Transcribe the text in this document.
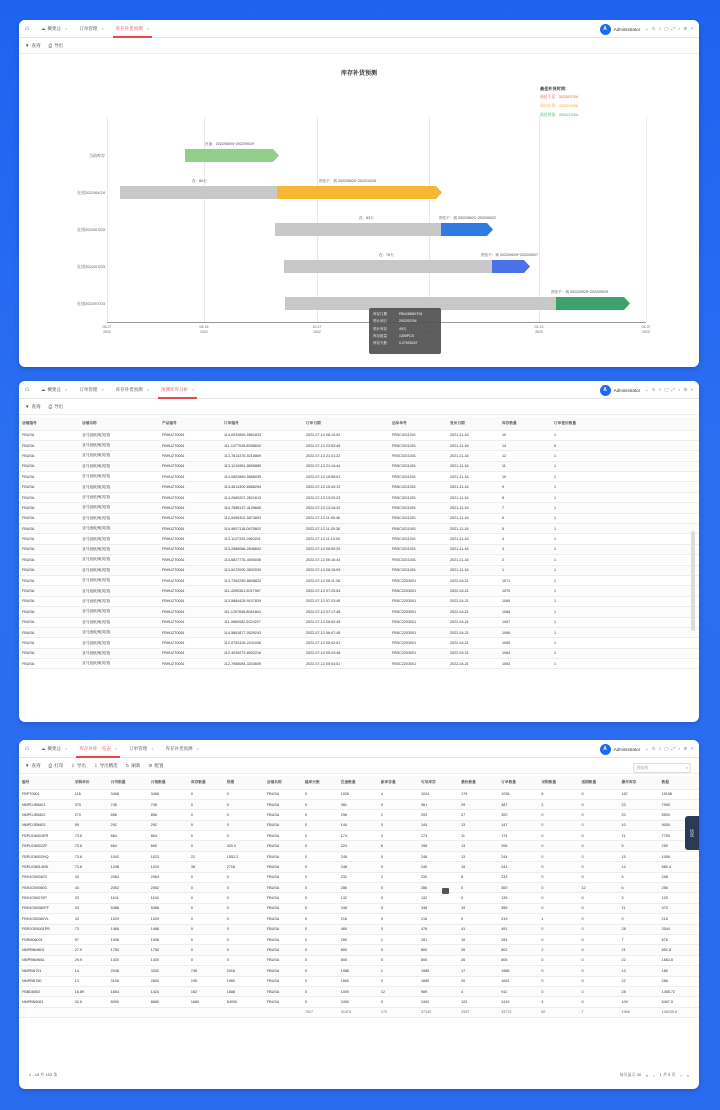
⌂	☁ 概要总 ×	订单管理 ×	库存补货预测 ×	A	Administrator ⌄ ↻ ⌕ ▢ ⤢ ♪ ⚙ ×
▼ 查询 ⎙ 导出
库存补货预测
最佳补货时间:
预估不足：2022/07/24
预估补货：2022/10/08
预估到货：2022/12/04
05-27
2022
08-16
2022
10-17
2022
02-13
2023
04-07
2023
当前库存
在途2022/04/24
在途2022/07/03
在途2022/07/03
在途2022/07/03
在途：2022/06/04~2022/09/29
在：60天	预估不：到 2022/06/29~2022/10/26
在：63天	预估不：到 2022/06/21~2022/09/22
在：76天	预估不：到 2022/09/29~2022/09/27
预估不：到 2022/09/29~2022/09/29
库存日期	FBU18N50T04
预计到日	2022/07/04
预计库存	49天
库存数量	1300PCS
库存天数	0.27000247
⌂	☁ 概要总 ×	订单管理 ×	库存补货预测 ×	预测库库分析 ×	A	Administrator ⌄ ↻ ⌕ ▢ ⤢ ♪ ⚙ ×
▼ 查询 ⎙ 导出
店铺编号	店铺名称	产品编号	订单编号	订单日期	运单单号	发出日期	库存数量	订单使用数量
FBUSA	亚马逊欧洲(英国)	FBHU2T0061	114-0530865-5581833	2022-07-14 08:10:02	FBSC0211001	2021-11-16	10	1
FBUSA	亚马逊欧洲(英国)	FBHU2T0061	111-1377028-8938830	2022-07-13 23:53:49	FBSC0211001	2021-11-16	14	0
FBUSA	亚马逊欧洲(英国)	FBHU2T0061	113-7814375-5218869	2022-07-13 21:31:22	FBSC0211001	2021-11-16	12	1
FBUSA	亚马逊欧洲(英国)	FBHU2T0061	113-1210981-8655889	2022-07-13 21:14:44	FBSC0211001	2021-11-16	11	1
FBUSA	亚马逊欧洲(英国)	FBHU2T0061	114-0802869-5858039	2022-07-13 15:58:01	FBSC0211001	2021-11-16	10	1
FBUSA	亚马逊欧洲(英国)	FBHU2T0061	113-4814300-6688254	2022-07-13 15:43:12	FBSC0211001	2021-11-16	9	1
FBUSA	亚马逊欧洲(英国)	FBHU2T0061	114-2680207-2621613	2022-07-13 13:20:23	FBSC0211001	2021-11-16	8	1
FBUSA	亚马逊欧洲(英国)	FBHU2T0061	114-7588137-4139660	2022-07-13 13:16:42	FBSC0211001	2021-11-16	7	1
FBUSA	亚马逊欧洲(英国)	FBHU2T0061	112-9496302-5873803	2022-07-13 11:55:46	FBSC0211001	2021-11-16	6	1
FBUSA	亚马逊欧洲(英国)	FBHU2T0061	114-9807118-0675803	2022-07-13 11:20:36	FBSC0211001	2021-11-16	5	1
FBUSA	亚马逊欧洲(英国)	FBHU2T0061	113-1137330-2660201	2022-07-13 11:13:03	FBSC0211001	2021-11-16	4	1
FBUSA	亚马逊欧洲(英国)	FBHU2T0061	113-2886086-2646602	2022-07-13 06:50:29	FBSC0211001	2021-11-16	3	1
FBUSA	亚马逊欧洲(英国)	FBHU2T0061	113-6827776-4005036	2022-07-13 06:16:44	FBSC0211001	2021-11-16	2	1
FBUSA	亚马逊欧洲(英国)	FBHU2T0061	113-5472090-3832030	2022-07-13 06:15:09	FBSC0211001	2021-11-16	1	1
FBUSA	亚马逊欧洲(英国)	FBHU2T0061	113-7362285-8608823	2022-07-13 06:11:38	FBSC2203001	2022-04-21	1071	1
FBUSA	亚马逊欧洲(英国)	FBHU2T0061	111-4390361-5017967	2022-07-13 07:25:54	FBSC2203001	2022-04-21	1070	1
FBUSA	亚马逊欧洲(英国)	FBHU2T0061	113-5884428-9107839	2022-07-13 07:23:48	FBSC2203001	2022-04-21	1069	1
FBUSA	亚马逊欧洲(英国)	FBHU2T0061	111-1257846-8041804	2022-07-13 07:17:48	FBSC2203001	2022-04-21	1068	1
FBUSA	亚马逊欧洲(英国)	FBHU2T0061	111-9880082-5024227	2022-07-13 06:52:48	FBSC2203001	2022-04-21	1067	1
FBUSA	亚马逊欧洲(英国)	FBHU2T0061	114-5861877-0029243	2022-07-13 06:47:48	FBSC2203001	2022-04-21	1066	1
FBUSA	亚马逊欧洲(英国)	FBHU2T0061	112-0752428-2241036	2022-07-13 05:42:01	FBSC2203001	2022-04-21	1065	1
FBUSA	亚马逊欧洲(英国)	FBHU2T0061	112-4039273-8002216	2022-07-13 05:24:48	FBSC2203001	2022-04-21	1064	1
FBUSA	亚马逊欧洲(英国)	FBHU2T0061	112-7985084-3203609	2022-07-13 05:04:51	FBSC2203001	2022-04-21	1063	1
⌂	☁ 概要总 ×	库存补库一览表 ×	订单管理 ×	库存补货预测 ×	A	Administrator ⌄ ↻ ⌕ ▢ ⤢ ♪ ⚙ ×
▼ 查询 ⎙ 打印 ⇩ 导出 ⇩ 导出精选 ↻ 刷新 ⚙ 配置	搜索框	⌕
编号	采购单价	日均销量	日销数量	库存数量	预期	店铺名称	建库天数	在途数量	新库存量	可用库存	最快数量	订单数量	采购数量	延期数量	操作库存	数据
FBPT0601	118	3408	3408	0	0	FBUSA	0	1026	4	1024	179	1036	8	0	167	19158
NMPDJE6601	375	745	745	0	0	FBUSA	0	381	0	381	29	387	2	0	23	7900
NMPDJE6602	270	856	856	0	0	FBUSA	0	296	2	293	27	300	0	0	20	5500
NMPDJE6603	99	292	292	0	0	FBUSA	0	144	0	144	13	147	0	0	10	9000
FBPUO6004RR	73.6	864	864	0	0	FBUSA	0	174	0	174	11	174	0	0	11	7750
FBPUO6002ZF	73.6	664	660	0	420.0	FBUSA	0	224	6	198	13	206	0	0	5	250
FBPUO6002HQ	73.6	1042	1523	22	1553.2	FBUSA	0	248	0	248	13	244	0	0	15	1058
FBPUO6014HD	73.6	1248	1219	38	2718	FBUSA	0	248	0	240	15	241	0	0	14	580.4
FBHJO00040S	43	2084	2064	0	0	FBUSA	0	232	2	230	8	233	0	0	6	258
FBHJO00060G	43	2052	2052	0	0	FBUSA	0	286	0	286	0	300	0	12	6	256
FBHJO00070P	43	1104	1104	0	0	FBUSA	0	132	0	132	0	135	0	0	3	129
FBHJO00060FF	43	5388	5388	0	0	FBUSA	0	348	0	348	19	355	0	0	11	470
FBHJO00080VL	43	1029	1029	0	0	FBUSA	0	216	0	216	0	219	1	0	0	215
FBRJOE6001PB	73	1468	1468	0	0	FBUSA	0	460	0	476	41	491	0	0	28	2044
FBRM06001	97	1908	1908	0	0	FBUSA	0	280	1	281	10	284	0	0	7	676
NMPBNM601	27.9	1750	1750	0	0	FBUSA	0	800	0	800	26	802	2	0	21	852.8
NMPBNM661	29.9	1430	1430	0	0	FBUSA	0	800	0	800	26	805	0	0	22	1663.8
NMPBN701	14	2048	3202	745	2016	FBUSA	0	1986	1	1985	17	1986	0	0	13	180
NMPBN780	13	3108	2660	195	1980	FBUSA	0	1660	0	1660	20	1661	0	0	22	286
FBBD6002	16.89	1664	1424	162	1688	FBUSA	0	1000	12	989	4	911	0	0	28	1458.72
NMPBN6061	32.6	8090	8660	1680	54000	FBUSA	0	2400	0	2400	122	2419	4	0	109	5407.5
							7927	31474	172	37142	2937	33772	62	7	1966	146335.8
快选
1 - 18 共 193 条	每页显示 30 « ‹ 1 共 8 页 › »
